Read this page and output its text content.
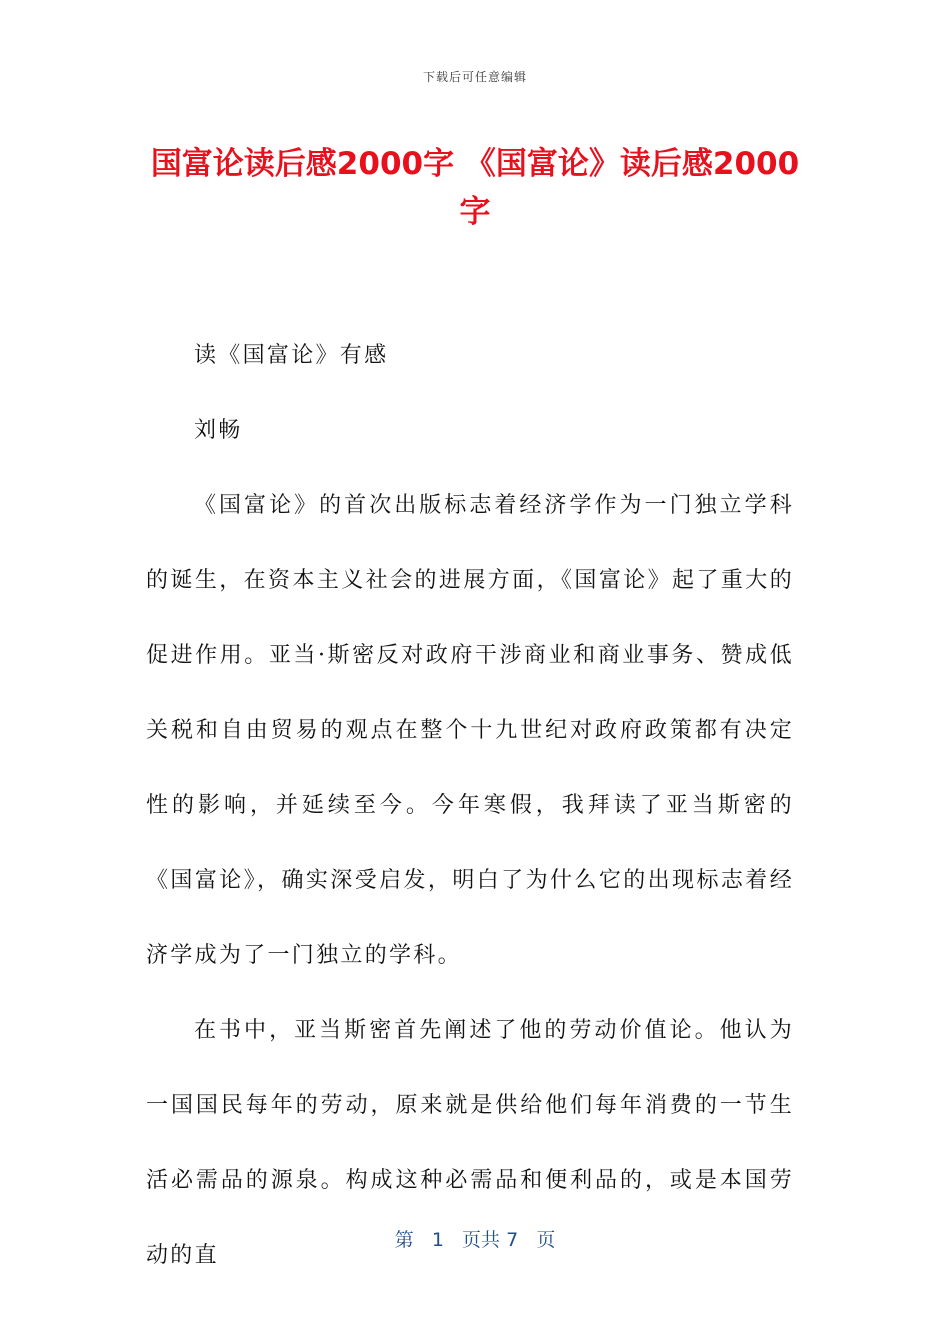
下载后可任意编辑
国富论读后感2000字 《国富论》读后感2000字

读《国富论》有感

刘畅

《国富论》的首次出版标志着经济学作为一门独立学科的诞生，在资本主义社会的进展方面，《国富论》起了重大的促进作用。亚当·斯密反对政府干涉商业和商业事务、赞成低关税和自由贸易的观点在整个十九世纪对政府政策都有决定性的影响，并延续至今。今年寒假，我拜读了亚当斯密的《国富论》，确实深受启发，明白了为什么它的出现标志着经济学成为了一门独立的学科。

在书中，亚当斯密首先阐述了他的劳动价值论。他认为一国国民每年的劳动，原来就是供给他们每年消费的一节生活必需品的源泉。构成这种必需品和便利品的，或是本国劳动的直

第 1 页共 7 页
